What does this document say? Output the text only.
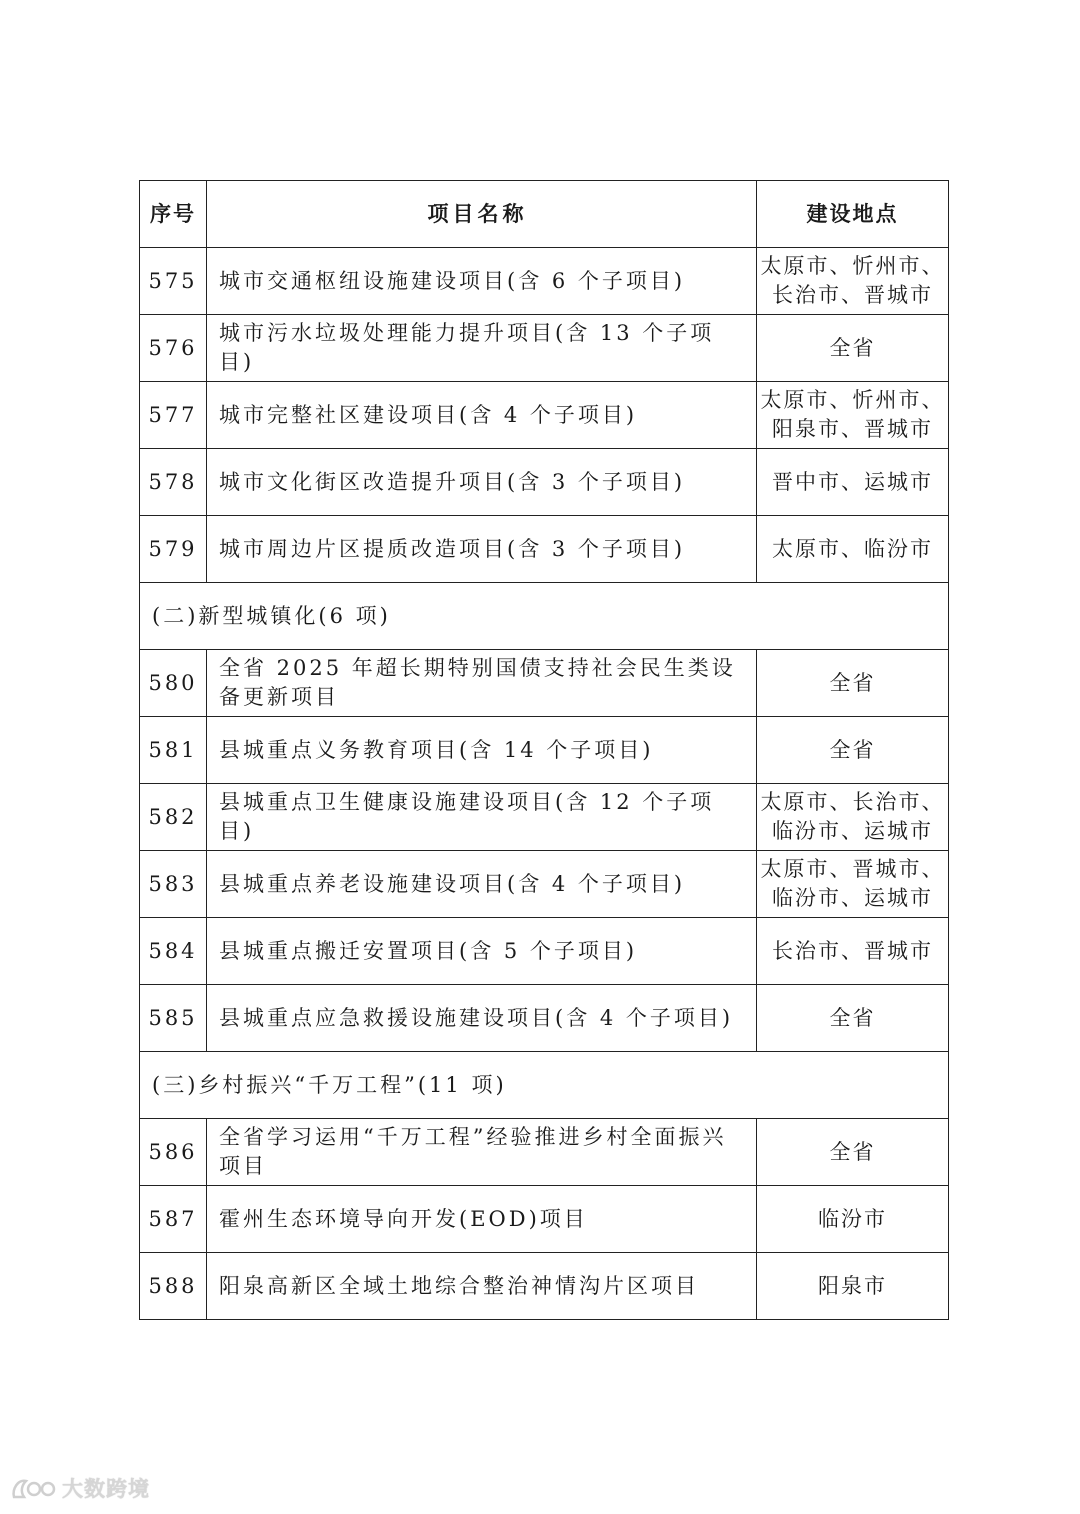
序号	项目名称	建设地点
575	城市交通枢纽设施建设项目(含 6 个子项目)	太原市、忻州市、长治市、晋城市
576	城市污水垃圾处理能力提升项目(含 13 个子项目)	全省
577	城市完整社区建设项目(含 4 个子项目)	太原市、忻州市、阳泉市、晋城市
578	城市文化街区改造提升项目(含 3 个子项目)	晋中市、运城市
579	城市周边片区提质改造项目(含 3 个子项目)	太原市、临汾市
(二)新型城镇化(6 项)		
580	全省 2025 年超长期特别国债支持社会民生类设备更新项目	全省
581	县城重点义务教育项目(含 14 个子项目)	全省
582	县城重点卫生健康设施建设项目(含 12 个子项目)	太原市、长治市、临汾市、运城市
583	县城重点养老设施建设项目(含 4 个子项目)	太原市、晋城市、临汾市、运城市
584	县城重点搬迁安置项目(含 5 个子项目)	长治市、晋城市
585	县城重点应急救援设施建设项目(含 4 个子项目)	全省
(三)乡村振兴“千万工程”(11 项)		
586	全省学习运用“千万工程”经验推进乡村全面振兴项目	全省
587	霍州生态环境导向开发(EOD)项目	临汾市
588	阳泉高新区全域土地综合整治神情沟片区项目	阳泉市
大数跨境
